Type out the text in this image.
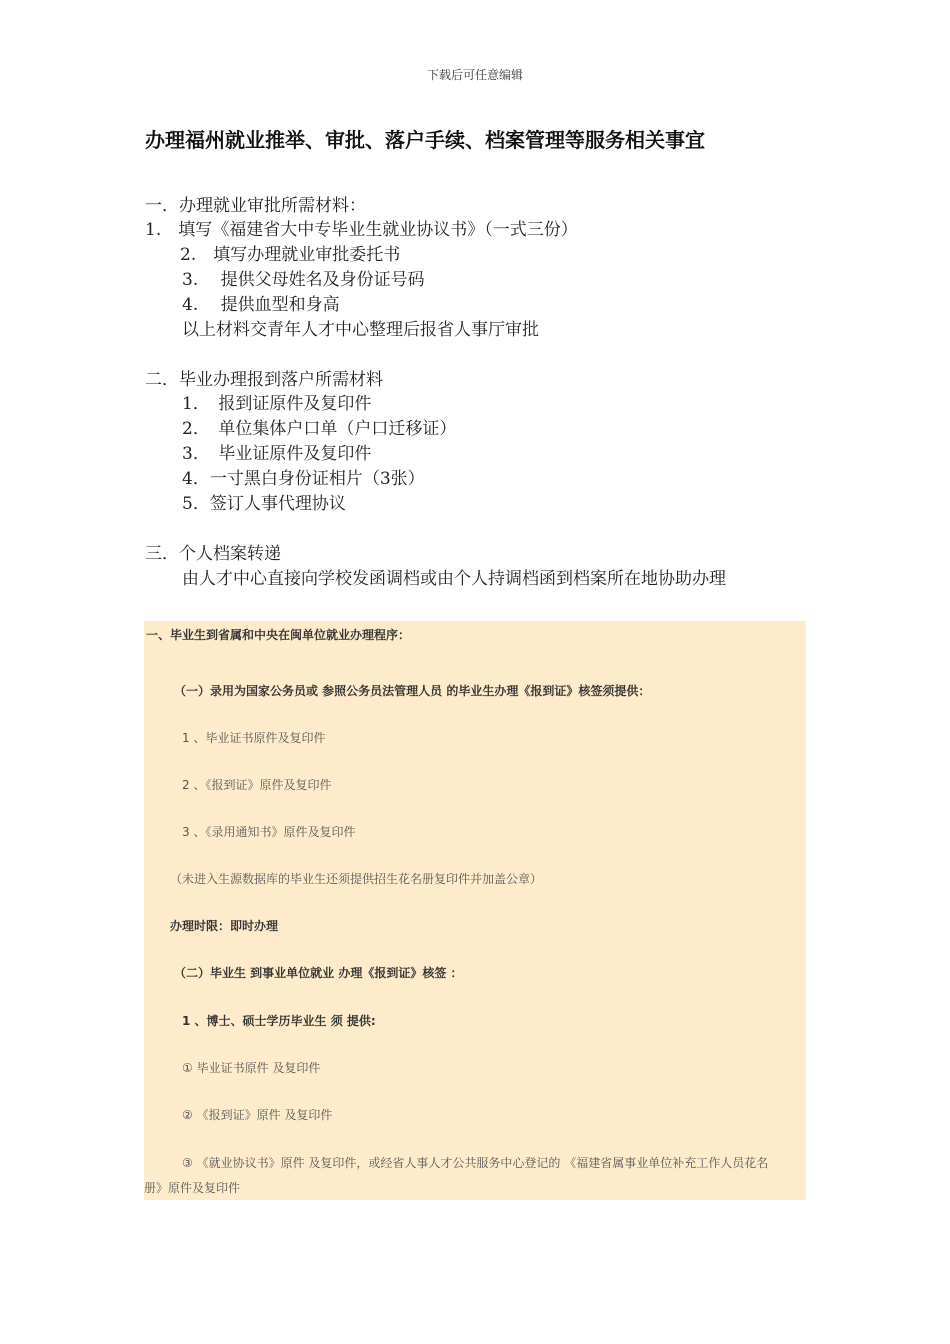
下载后可任意编辑
办理福州就业推举、审批、落户手续、档案管理等服务相关事宜
一．办理就业审批所需材料：
1.　填写《福建省大中专毕业生就业协议书》（一式三份）
2.　填写办理就业审批委托书
3.　 提供父母姓名及身份证号码
4.　 提供血型和身高
以上材料交青年人才中心整理后报省人事厅审批
二．毕业办理报到落户所需材料
1．　报到证原件及复印件
2．　单位集体户口单（户口迁移证）
3．　毕业证原件及复印件
4．一寸黑白身份证相片（3张）
5．签订人事代理协议
三．个人档案转递
由人才中心直接向学校发函调档或由个人持调档函到档案所在地协助办理
一、毕业生到省属和中央在闽单位就业办理程序：
（一）录用为国家公务员或 参照公务员法管理人员 的毕业生办理《报到证》核签须提供：
1 、毕业证书原件及复印件
2 、《报到证》原件及复印件
3 、《录用通知书》原件及复印件
（未进入生源数据库的毕业生还须提供招生花名册复印件并加盖公章）
办理时限：即时办理
（二）毕业生 到事业单位就业 办理《报到证》核签 ：
1 、博士、硕士学历毕业生 须 提供:
① 毕业证书原件 及复印件
② 《报到证》原件 及复印件
③ 《就业协议书》原件 及复印件，或经省人事人才公共服务中心登记的 《福建省属事业单位补充工作人员花名
册》原件及复印件
